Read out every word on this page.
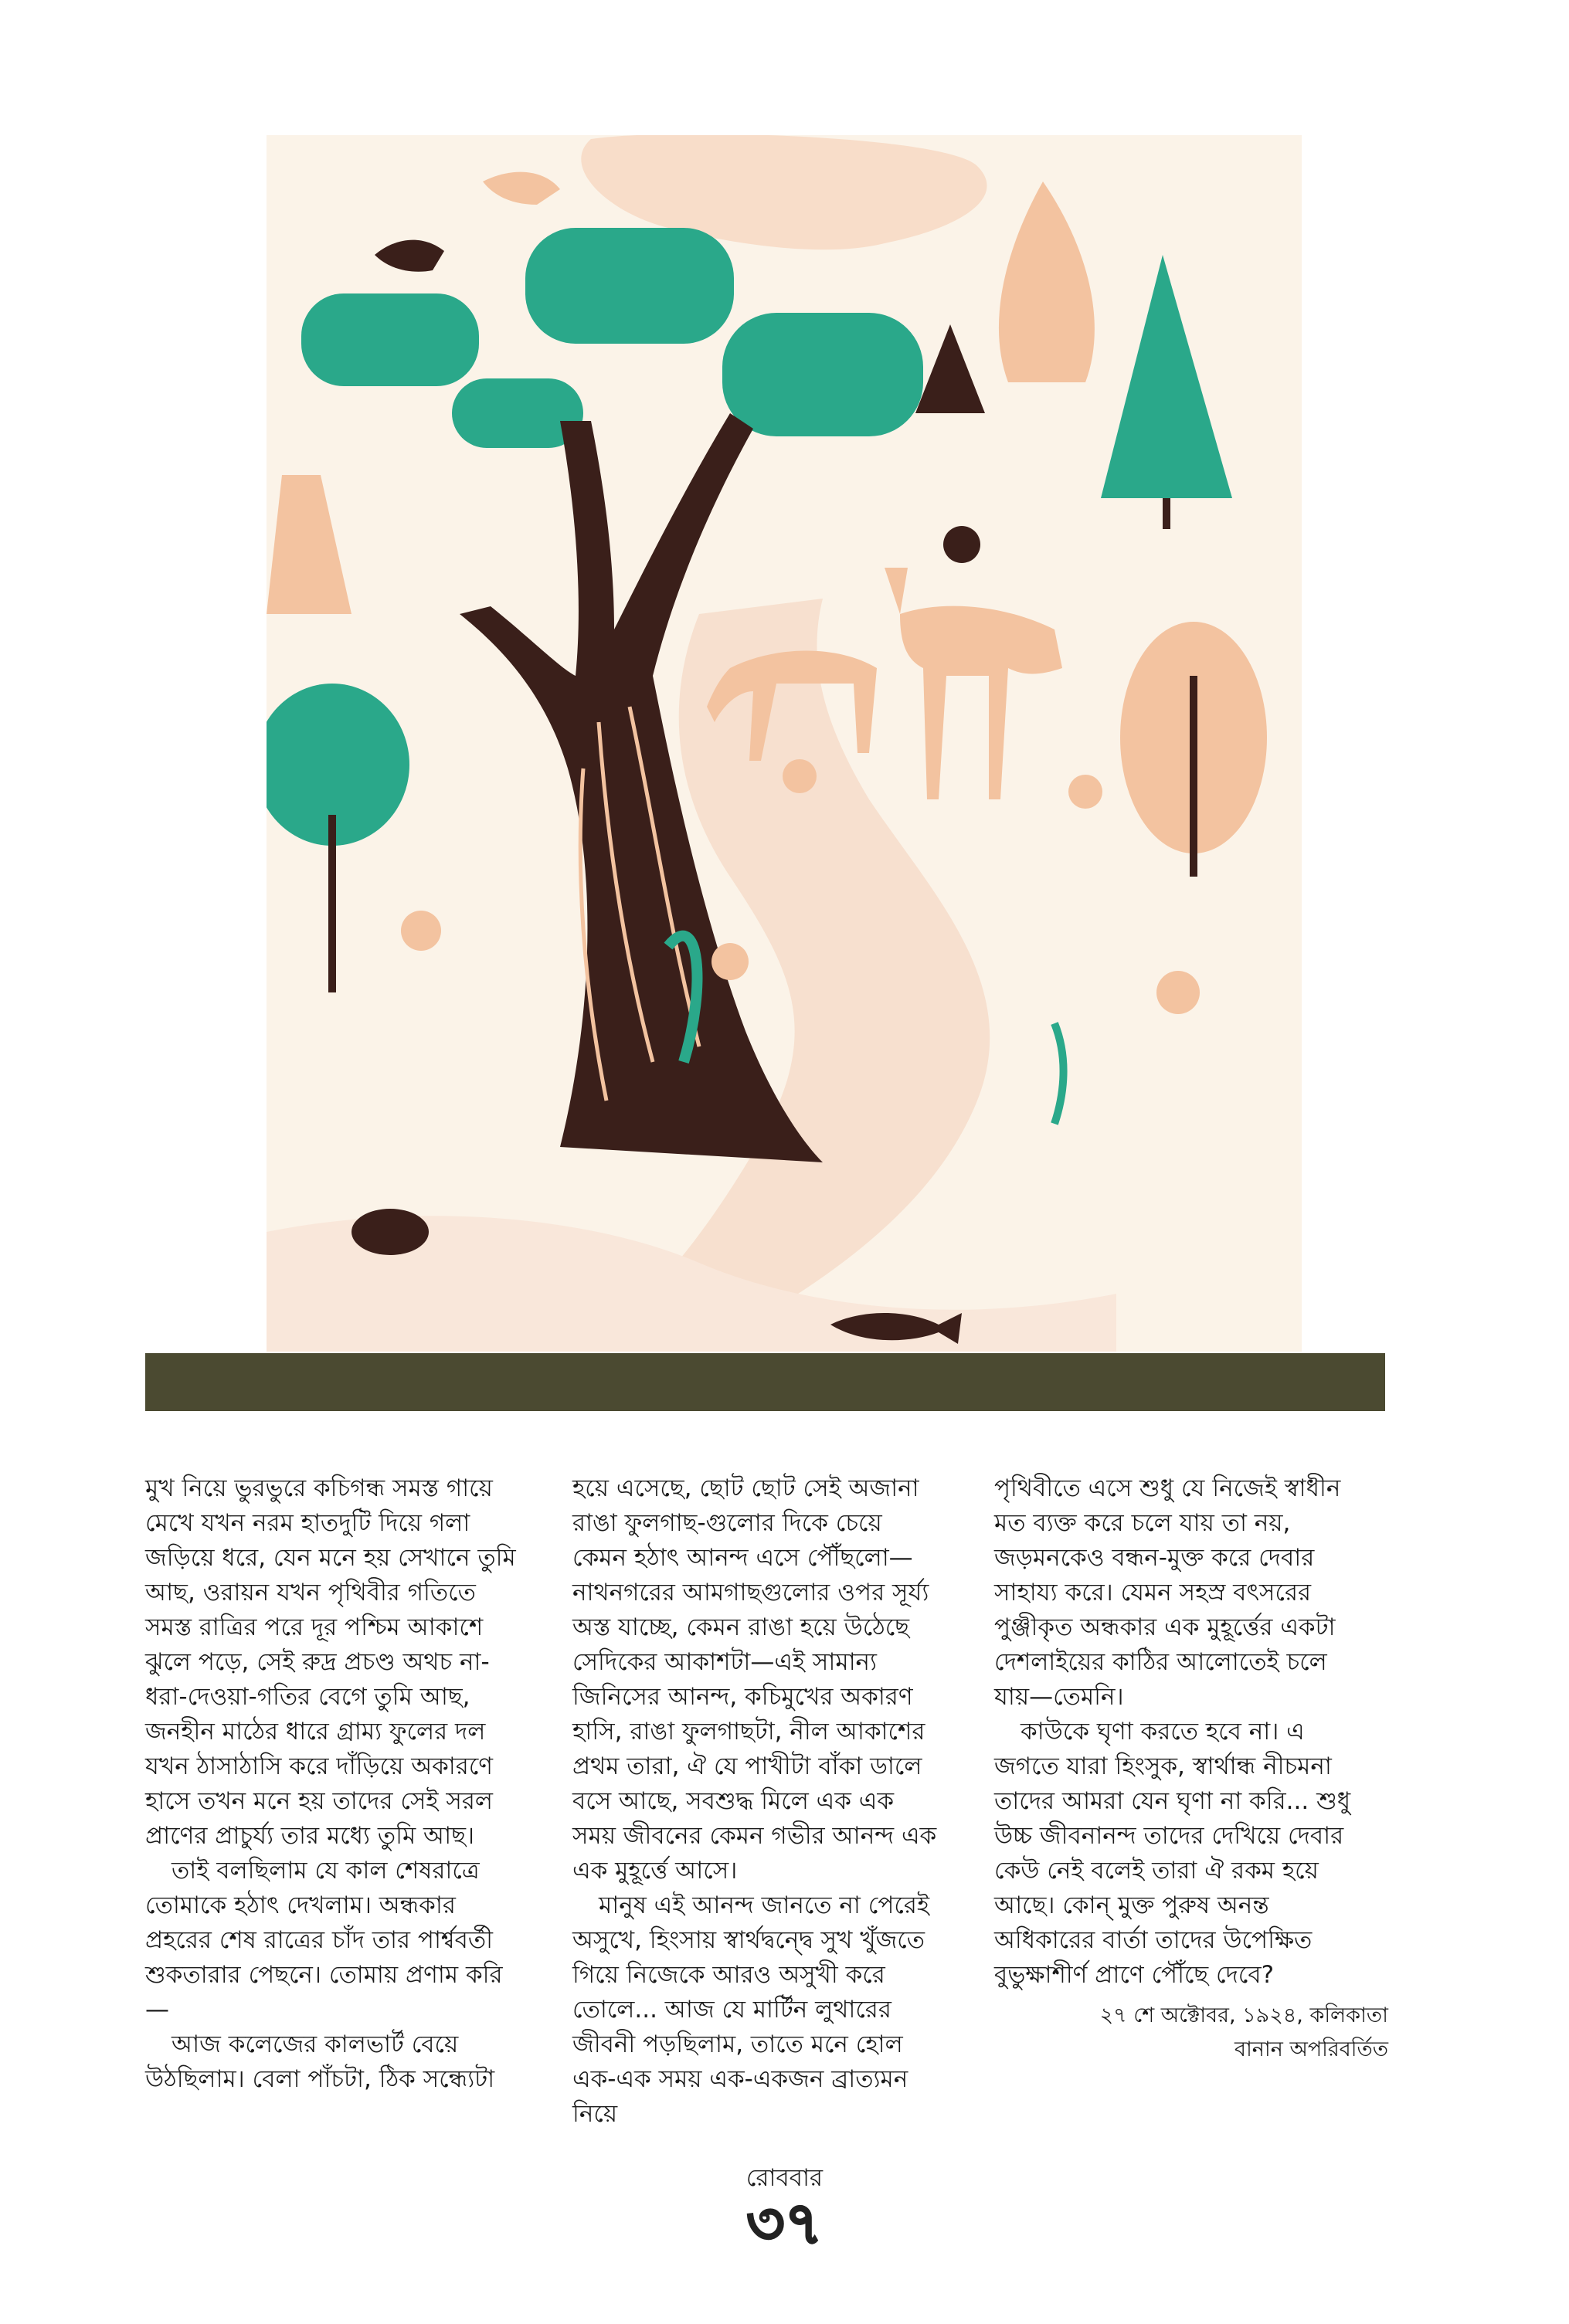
মুখ নিয়ে ভুরভুরে কচিগন্ধ সমস্ত গায়ে মেখে যখন নরম হাতদুটি দিয়ে গলা জড়িয়ে ধরে, যেন মনে হয় সেখানে তুমি আছ, ওরায়ন যখন পৃথিবীর গতিতে সমস্ত রাত্রির পরে দূর পশ্চিম আকাশে ঝুলে পড়ে, সেই রুদ্র প্রচণ্ড অথচ না-ধরা-দেওয়া-গতির বেগে তুমি আছ, জনহীন মাঠের ধারে গ্রাম্য ফুলের দল যখন ঠাসাঠাসি করে দাঁড়িয়ে অকারণে হাসে তখন মনে হয় তাদের সেই সরল প্রাণের প্রাচুর্য্য তার মধ্যে তুমি আছ।

তাই বলছিলাম যে কাল শেষরাত্রে তোমাকে হঠাৎ দেখলাম। অন্ধকার প্রহরের শেষ রাত্রের চাঁদ তার পার্শ্ববর্তী শুকতারার পেছনে। তোমায় প্রণাম করি—

আজ কলেজের কালভার্ট বেয়ে উঠছিলাম। বেলা পাঁচটা, ঠিক সন্ধ্যেটা

হয়ে এসেছে, ছোট ছোট সেই অজানা রাঙা ফুলগাছ-গুলোর দিকে চেয়ে কেমন হঠাৎ আনন্দ এসে পৌঁছলো—নাথনগরের আমগাছগুলোর ওপর সূর্য্য অস্ত যাচ্ছে, কেমন রাঙা হয়ে উঠেছে সেদিকের আকাশটা—এই সামান্য জিনিসের আনন্দ, কচিমুখের অকারণ হাসি, রাঙা ফুলগাছটা, নীল আকাশের প্রথম তারা, ঐ যে পাখীটা বাঁকা ডালে বসে আছে, সবশুদ্ধ মিলে এক এক সময় জীবনের কেমন গভীর আনন্দ এক এক মুহূর্ত্তে আসে।

মানুষ এই আনন্দ জানতে না পেরেই অসুখে, হিংসায় স্বার্থদ্বন্দ্বে সুখ খুঁজতে গিয়ে নিজেকে আরও অসুখী করে তোলে... আজ যে মার্টিন লুথারের জীবনী পড়ছিলাম, তাতে মনে হোল এক-এক সময় এক-একজন ব্রাত্যমন নিয়ে

পৃথিবীতে এসে শুধু যে নিজেই স্বাধীন মত ব্যক্ত করে চলে যায় তা নয়, জড়মনকেও বন্ধন-মুক্ত করে দেবার সাহায্য করে। যেমন সহস্র বৎসরের পুঞ্জীকৃত অন্ধকার এক মুহূর্ত্তের একটা দেশলাইয়ের কাঠির আলোতেই চলে যায়—তেমনি।

কাউকে ঘৃণা করতে হবে না। এ জগতে যারা হিংসুক, স্বার্থান্ধ নীচমনা তাদের আমরা যেন ঘৃণা না করি... শুধু উচ্চ জীবনানন্দ তাদের দেখিয়ে দেবার কেউ নেই বলেই তারা ঐ রকম হয়ে আছে। কোন্‌ মুক্ত পুরুষ অনন্ত অধিকারের বার্তা তাদের উপেক্ষিত বুভুক্ষাশীর্ণ প্রাণে পৌঁছে দেবে?

২৭ শে অক্টোবর, ১৯২৪, কলিকাতা
বানান অপরিবর্তিত
রোববার
৩৭
